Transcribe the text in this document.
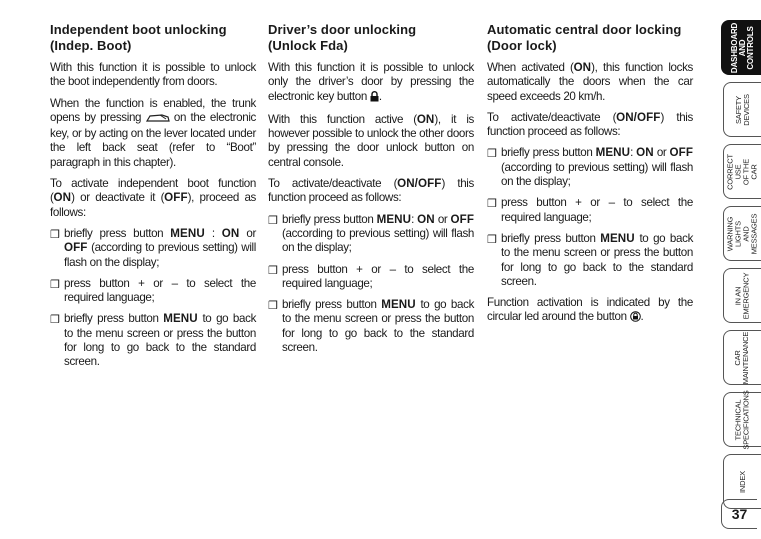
Independent boot unlocking
(Indep. Boot)

With this function it is possible to unlock the boot independently from doors.

When the function is enabled, the trunk opens by pressing	on the electronic key, or by acting on the lever located under the left back seat (refer to “Boot” paragraph in this chapter).

To activate independent boot function (ON) or deactivate it (OFF), proceed as follows:

❒ briefly press button MENU : ON or OFF (according to previous setting) will flash on the display;
❒ press button + or – to select the required language;
❒ briefly press button MENU to go back to the menu screen or press the button for long to go back to the standard screen.
Driver’s door unlocking
(Unlock Fda)

With this function it is possible to unlock only the driver’s door by pressing the electronic key button .

With this function active (ON), it is however possible to unlock the other doors by pressing the door unlock button on central console.

To activate/deactivate (ON/OFF) this function proceed as follows:

❒ briefly press button MENU: ON or OFF (according to previous setting) will flash on the display;
❒ press button + or – to select the required language;
❒ briefly press button MENU to go back to the menu screen or press the button for long to go back to the standard screen.
Automatic central door locking
(Door lock)

When activated (ON), this function locks automatically the doors when the car speed exceeds 20 km/h.

To activate/deactivate (ON/OFF) this function proceed as follows:

❒ briefly press button MENU: ON or OFF (according to previous setting) will flash on the display;
❒ press button + or – to select the required language;
❒ briefly press button MENU to go back to the menu screen or press the button for long to go back to the standard screen.

Function activation is indicated by the circular led around the button .

DASHBOARD
AND
CONTROLS
SAFETY
DEVICES
CORRECT USE
OF THE CAR
WARNING LIGHTS
AND MESSAGES
IN AN
EMERGENCY
CAR
MAINTENANCE
TECHNICAL
SPECIFICATIONS
INDEX
37
